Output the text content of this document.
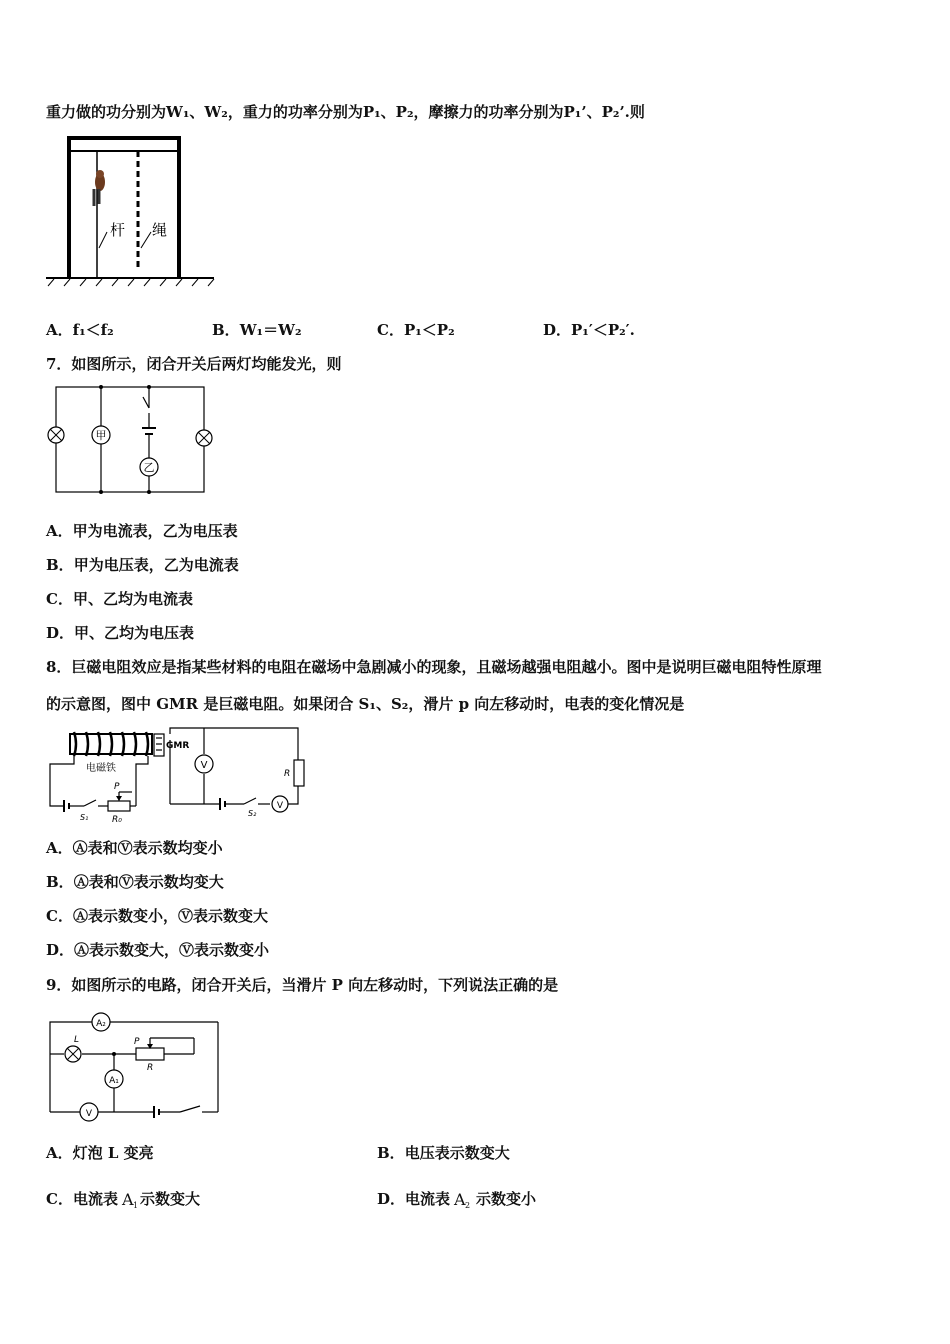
重力做的功分别为W₁、W₂，重力的功率分别为P₁、P₂，摩擦力的功率分别为P₁’、P₂’.则
杆 绳
A．f₁＜f₂	B．W₁＝W₂	C．P₁＜P₂	D．P₁′＜P₂′.
7．如图所示，闭合开关后两灯均能发光，则
甲
乙
A．甲为电流表，乙为电压表
B．甲为电压表，乙为电流表
C．甲、乙均为电流表
D．甲、乙均为电压表
8．巨磁电阻效应是指某些材料的电阻在磁场中急剧减小的现象，且磁场越强电阻越小。图中是说明巨磁电阻特性原理
的示意图，图中 GMR 是巨磁电阻。如果闭合 S₁、S₂，滑片 p 向左移动时，电表的变化情况是
电磁铁
GMR
P
R₀
S₁	S₂
R
V
V
A．Ⓐ表和Ⓥ表示数均变小
B．Ⓐ表和Ⓥ表示数均变大
C．Ⓐ表示数变小，Ⓥ表示数变大
D．Ⓐ表示数变大，Ⓥ表示数变小
9．如图所示的电路，闭合开关后，当滑片 P 向左移动时，下列说法正确的是
L
A₂
A₁
V
P
R
A．灯泡 L 变亮	B．电压表示数变大
C．电流表 A 1 示数变大	D．电流表 A 2 示数变小
